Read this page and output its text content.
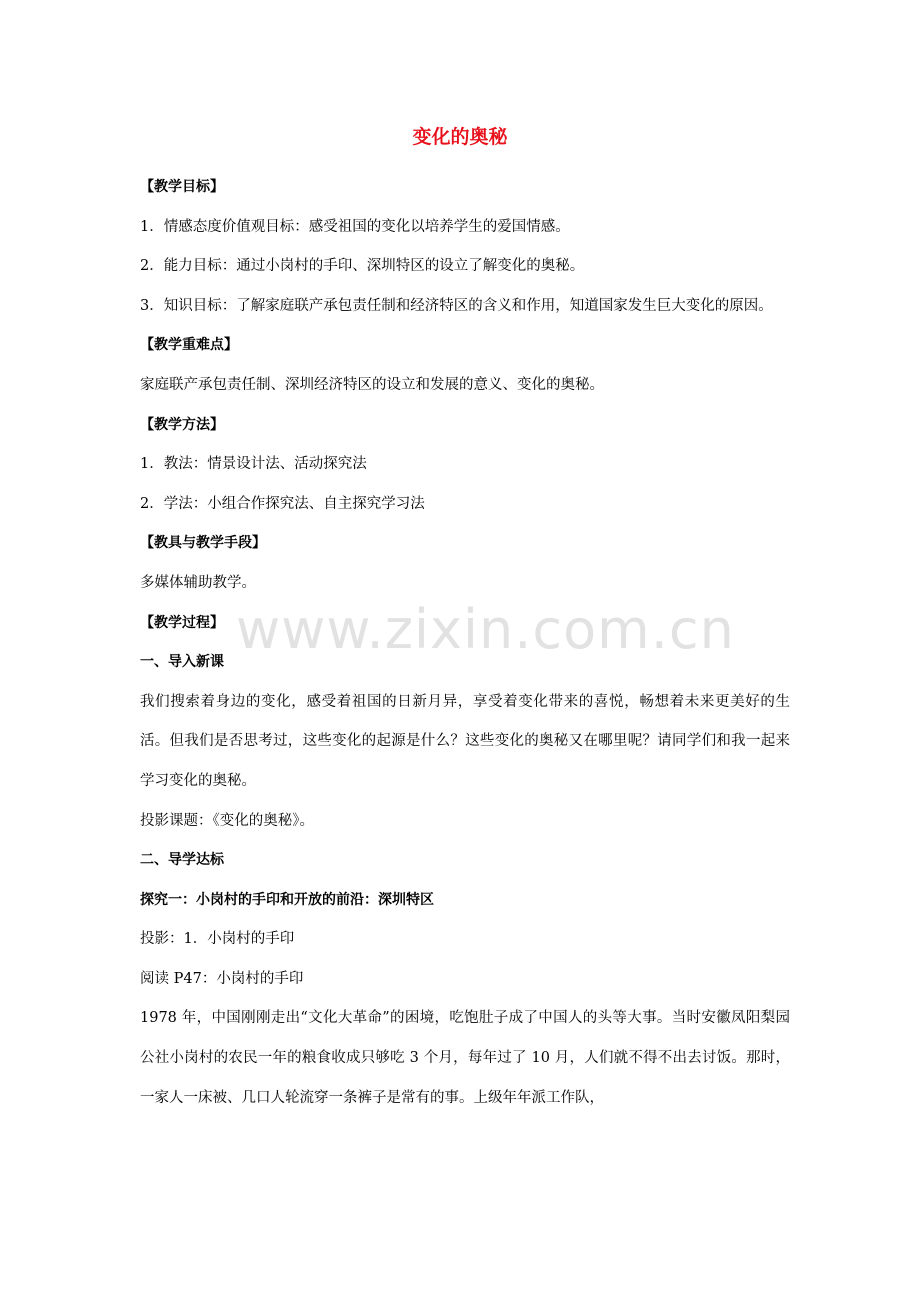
变化的奥秘
www.zixin.com.cn
【教学目标】
1．情感态度价值观目标：感受祖国的变化以培养学生的爱国情感。
2．能力目标：通过小岗村的手印、深圳特区的设立了解变化的奥秘。
3．知识目标：了解家庭联产承包责任制和经济特区的含义和作用，知道国家发生巨大变化的原因。
【教学重难点】
家庭联产承包责任制、深圳经济特区的设立和发展的意义、变化的奥秘。
【教学方法】
1．教法：情景设计法、活动探究法
2．学法：小组合作探究法、自主探究学习法
【教具与教学手段】
多媒体辅助教学。
【教学过程】
一、导入新课
我们搜索着身边的变化，感受着祖国的日新月异，享受着变化带来的喜悦，畅想着未来更美好的生活。但我们是否思考过，这些变化的起源是什么？这些变化的奥秘又在哪里呢？请同学们和我一起来学习变化的奥秘。
投影课题：《变化的奥秘》。
二、导学达标
探究一：小岗村的手印和开放的前沿：深圳特区
投影：1．小岗村的手印
阅读 P47：小岗村的手印
1978 年，中国刚刚走出“文化大革命”的困境，吃饱肚子成了中国人的头等大事。当时安徽凤阳梨园公社小岗村的农民一年的粮食收成只够吃 3 个月，每年过了 10 月，人们就不得不出去讨饭。那时，一家人一床被、几口人轮流穿一条裤子是常有的事。上级年年派工作队，
